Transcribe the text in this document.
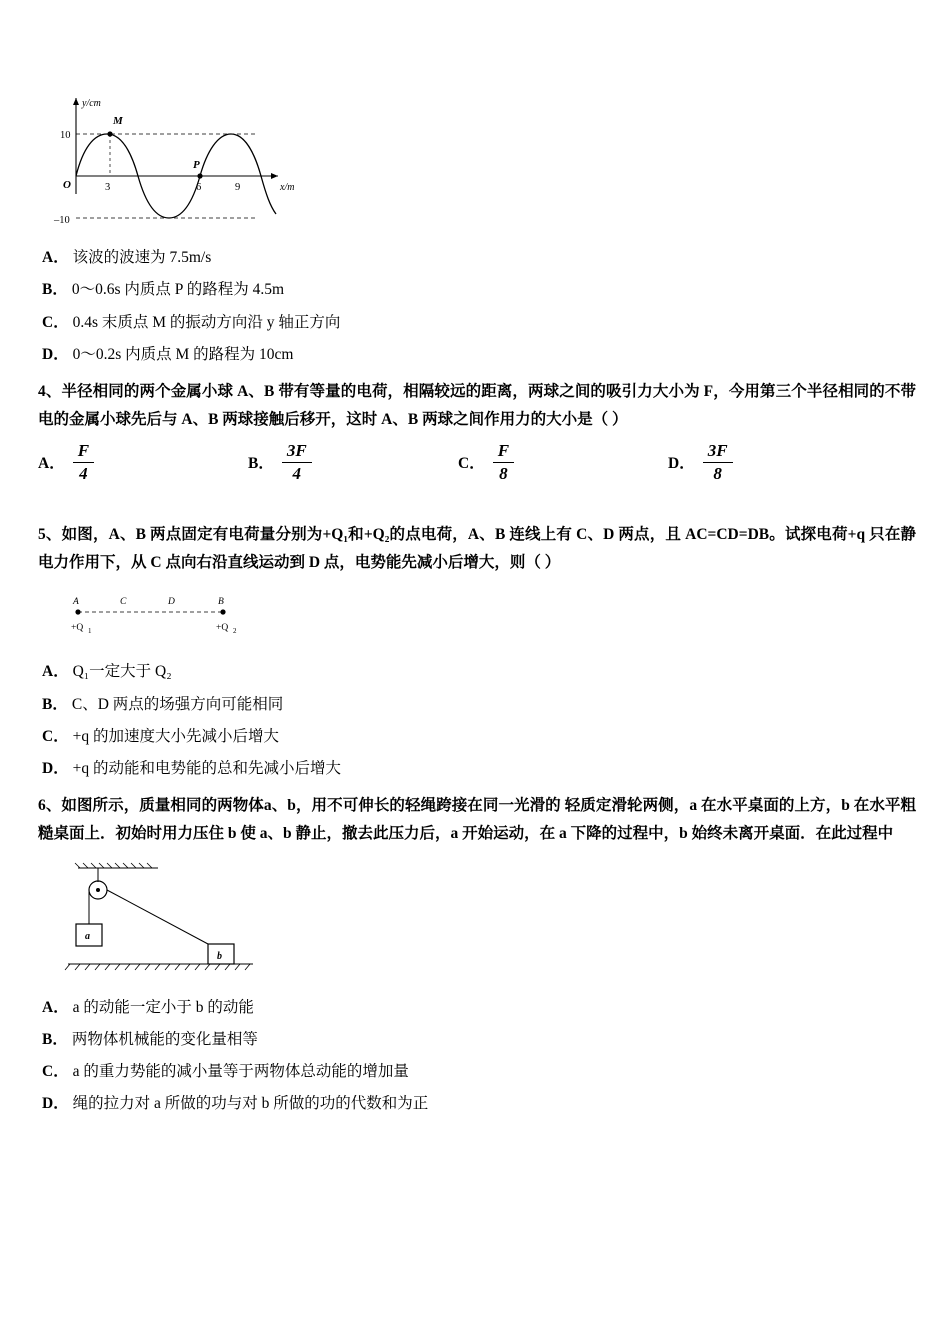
M
P
10
–10
O	3	6	9
y/cm
x/m
A． 该波的波速为 7.5m/s
B． 0～0.6s 内质点 P 的路程为 4.5m
C． 0.4s 末质点 M 的振动方向沿 y 轴正方向
D． 0～0.2s 内质点 M 的路程为 10cm
4、半径相同的两个金属小球 A、B 带有等量的电荷，相隔较远的距离，两球之间的吸引力大小为 F，今用第三个半径相同的不带电的金属小球先后与 A、B 两球接触后移开，这时 A、B 两球之间作用力的大小是（ ）
A． $\frac{F}{4}$	B． $\frac{3F}{4}$	C． $\frac{F}{8}$	D． $\frac{3F}{8}$
5、如图，A、B 两点固定有电荷量分别为+Q₁和+Q₂的点电荷，A、B 连线上有 C、D 两点，且 AC=CD=DB。试探电荷+q 只在静电力作用下，从 C 点向右沿直线运动到 D 点，电势能先减小后增大，则（ ）
A	C	D	B
+Q 1	+Q 2
A． Q₁一定大于 Q₂
B． C、D 两点的场强方向可能相同
C． +q 的加速度大小先减小后增大
D． +q 的动能和电势能的总和先减小后增大
6、如图所示，质量相同的两物体a、b，用不可伸长的轻绳跨接在同一光滑的 轻质定滑轮两侧，a 在水平桌面的上方，b 在水平粗糙桌面上．初始时用力压住 b 使 a、b 静止，撤去此压力后，a 开始运动，在 a 下降的过程中，b 始终未离开桌面．在此过程中
a
b
A． a 的动能一定小于 b 的动能
B． 两物体机械能的变化量相等
C． a 的重力势能的减小量等于两物体总动能的增加量
D． 绳的拉力对 a 所做的功与对 b 所做的功的代数和为正
